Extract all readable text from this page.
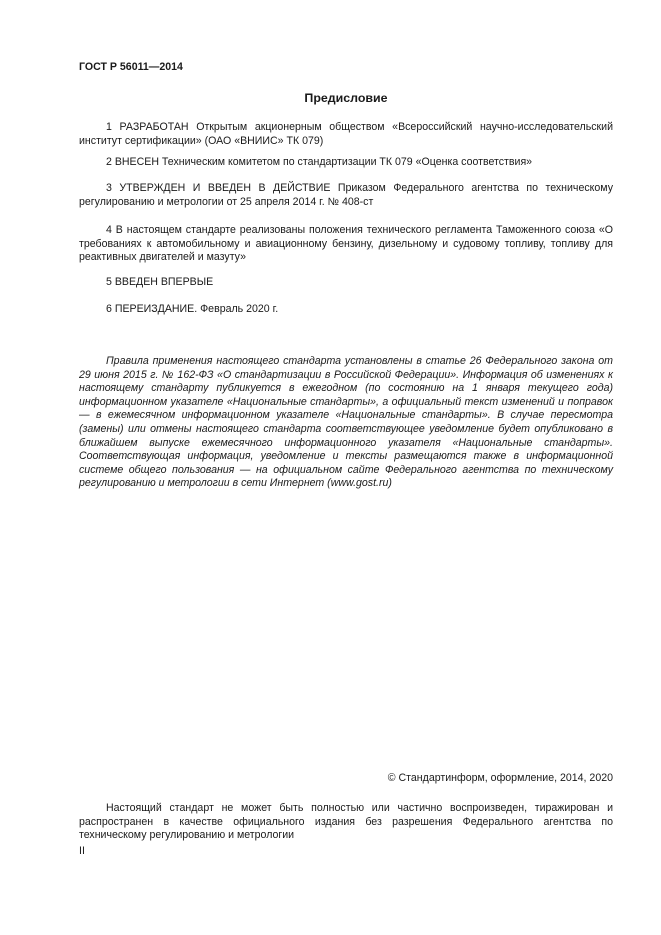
ГОСТ Р 56011—2014
Предисловие

1 РАЗРАБОТАН Открытым акционерным обществом «Всероссийский научно-исследовательский институт сертификации» (ОАО «ВНИИС» ТК 079)

2 ВНЕСЕН Техническим комитетом по стандартизации ТК 079 «Оценка соответствия»

3 УТВЕРЖДЕН И ВВЕДЕН В ДЕЙСТВИЕ Приказом Федерального агентства по техническому регулированию и метрологии от 25 апреля 2014 г. № 408-ст

4 В настоящем стандарте реализованы положения технического регламента Таможенного союза «О требованиях к автомобильному и авиационному бензину, дизельному и судовому топливу, топливу для реактивных двигателей и мазуту»

5 ВВЕДЕН ВПЕРВЫЕ

6 ПЕРЕИЗДАНИЕ. Февраль 2020 г.

Правила применения настоящего стандарта установлены в статье 26 Федерального закона от 29 июня 2015 г. № 162-ФЗ «О стандартизации в Российской Федерации». Информация об изменениях к настоящему стандарту публикуется в ежегодном (по состоянию на 1 января текущего года) информационном указателе «Национальные стандарты», а официальный текст изменений и поправок — в ежемесячном информационном указателе «Национальные стандарты». В случае пересмотра (замены) или отмены настоящего стандарта соответствующее уведомление будет опубликовано в ближайшем выпуске ежемесячного информационного указателя «Национальные стандарты». Соответствующая информация, уведомление и тексты размещаются также в информационной системе общего пользования — на официальном сайте Федерального агентства по техническому регулированию и метрологии в сети Интернет (www.gost.ru)

© Стандартинформ, оформление, 2014, 2020

Настоящий стандарт не может быть полностью или частично воспроизведен, тиражирован и распространен в качестве официального издания без разрешения Федерального агентства по техническому регулированию и метрологии

II
